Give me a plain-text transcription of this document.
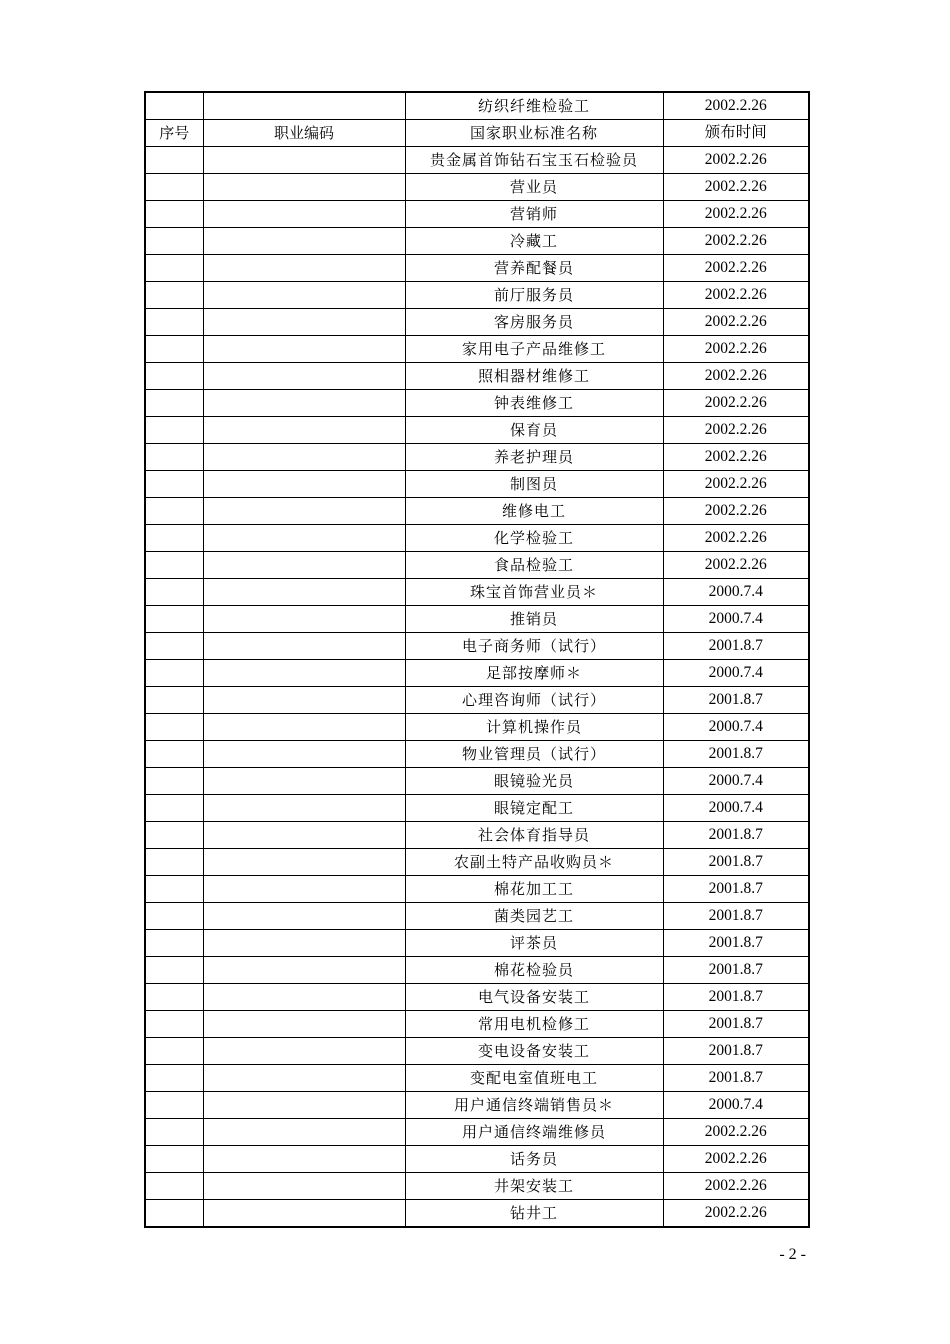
		纺织纤维检验工	2002.2.26
序号	职业编码	国家职业标准名称	颁布时间
		贵金属首饰钻石宝玉石检验员	2002.2.26
		营业员	2002.2.26
		营销师	2002.2.26
		冷藏工	2002.2.26
		营养配餐员	2002.2.26
		前厅服务员	2002.2.26
		客房服务员	2002.2.26
		家用电子产品维修工	2002.2.26
		照相器材维修工	2002.2.26
		钟表维修工	2002.2.26
		保育员	2002.2.26
		养老护理员	2002.2.26
		制图员	2002.2.26
		维修电工	2002.2.26
		化学检验工	2002.2.26
		食品检验工	2002.2.26
		珠宝首饰营业员＊	2000.7.4
		推销员	2000.7.4
		电子商务师（试行）	2001.8.7
		足部按摩师＊	2000.7.4
		心理咨询师（试行）	2001.8.7
		计算机操作员	2000.7.4
		物业管理员（试行）	2001.8.7
		眼镜验光员	2000.7.4
		眼镜定配工	2000.7.4
		社会体育指导员	2001.8.7
		农副土特产品收购员＊	2001.8.7
		棉花加工工	2001.8.7
		菌类园艺工	2001.8.7
		评茶员	2001.8.7
		棉花检验员	2001.8.7
		电气设备安装工	2001.8.7
		常用电机检修工	2001.8.7
		变电设备安装工	2001.8.7
		变配电室值班电工	2001.8.7
		用户通信终端销售员＊	2000.7.4
		用户通信终端维修员	2002.2.26
		话务员	2002.2.26
		井架安装工	2002.2.26
		钻井工	2002.2.26
- 2 -
